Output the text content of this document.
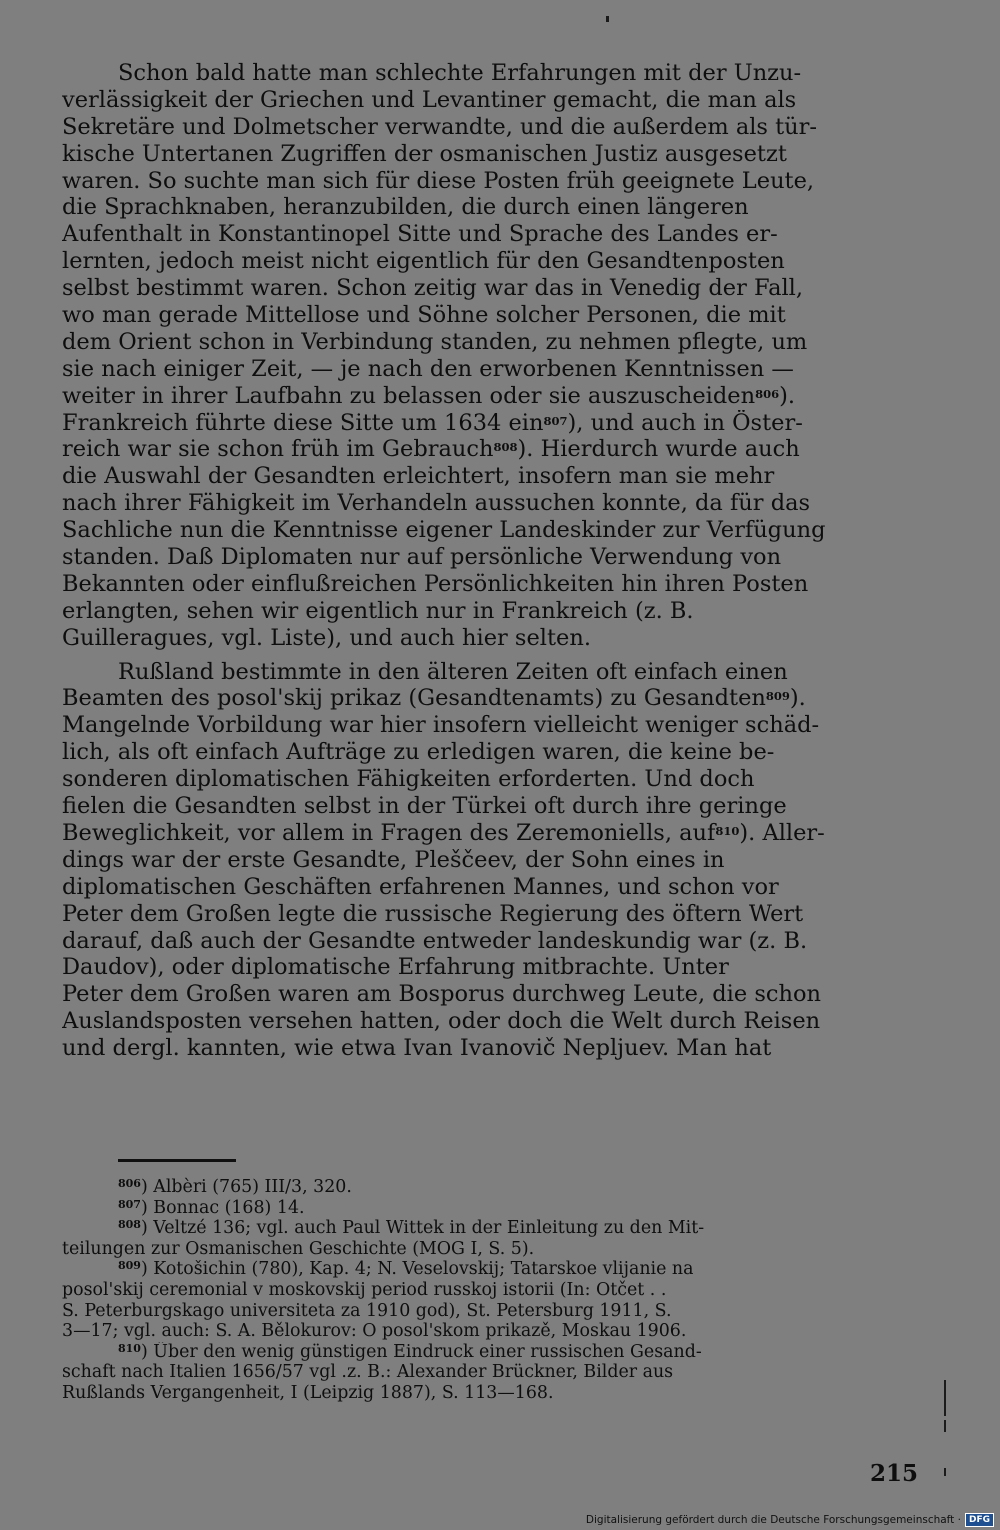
Schon bald hatte man schlechte Erfahrungen mit der Unzu-
verlässigkeit der Griechen und Levantiner gemacht, die man als
Sekretäre und Dolmetscher verwandte, und die außerdem als tür-
kische Untertanen Zugriffen der osmanischen Justiz ausgesetzt
waren. So suchte man sich für diese Posten früh geeignete Leute,
die Sprachknaben, heranzubilden, die durch einen längeren
Aufenthalt in Konstantinopel Sitte und Sprache des Landes er-
lernten, jedoch meist nicht eigentlich für den Gesandtenposten
selbst bestimmt waren. Schon zeitig war das in Venedig der Fall,
wo man gerade Mittellose und Söhne solcher Personen, die mit
dem Orient schon in Verbindung standen, zu nehmen pflegte, um
sie nach einiger Zeit, — je nach den erworbenen Kenntnissen —
weiter in ihrer Laufbahn zu belassen oder sie auszuscheiden$^{806}$).
Frankreich führte diese Sitte um 1634 ein$^{807}$), und auch in Öster-
reich war sie schon früh im Gebrauch$^{808}$). Hierdurch wurde auch
die Auswahl der Gesandten erleichtert, insofern man sie mehr
nach ihrer Fähigkeit im Verhandeln aussuchen konnte, da für das
Sachliche nun die Kenntnisse eigener Landeskinder zur Verfügung
standen. Daß Diplomaten nur auf persönliche Verwendung von
Bekannten oder einflußreichen Persönlichkeiten hin ihren Posten
erlangten, sehen wir eigentlich nur in Frankreich (z. B.
Guilleragues, vgl. Liste), und auch hier selten.
Rußland bestimmte in den älteren Zeiten oft einfach einen
Beamten des posol'skij prikaz (Gesandtenamts) zu Gesandten$^{809}$).
Mangelnde Vorbildung war hier insofern vielleicht weniger schäd-
lich, als oft einfach Aufträge zu erledigen waren, die keine be-
sonderen diplomatischen Fähigkeiten erforderten. Und doch
fielen die Gesandten selbst in der Türkei oft durch ihre geringe
Beweglichkeit, vor allem in Fragen des Zeremoniells, auf$^{810}$). Aller-
dings war der erste Gesandte, Pleščeev, der Sohn eines in
diplomatischen Geschäften erfahrenen Mannes, und schon vor
Peter dem Großen legte die russische Regierung des öftern Wert
darauf, daß auch der Gesandte entweder landeskundig war (z. B.
Daudov), oder diplomatische Erfahrung mitbrachte. Unter
Peter dem Großen waren am Bosporus durchweg Leute, die schon
Auslandsposten versehen hatten, oder doch die Welt durch Reisen
und dergl. kannten, wie etwa Ivan Ivanovič Nepljuev. Man hat
$^{806}$) Albèri (765) III/3, 320.
$^{807}$) Bonnac (168) 14.
$^{808}$) Veltzé 136; vgl. auch Paul Wittek in der Einleitung zu den Mit-
teilungen zur Osmanischen Geschichte (MOG I, S. 5).
$^{809}$) Kotošichin (780), Kap. 4; N. Veselovskij; Tatarskoe vlijanie na
posol'skij ceremonial v moskovskij period russkoj istorii (In: Otčet . .
S. Peterburgskago universiteta za 1910 god), St. Petersburg 1911, S.
3—17; vgl. auch: S. A. Bělokurov: O posol'skom prikazě, Moskau 1906.
$^{810}$) Über den wenig günstigen Eindruck einer russischen Gesand-
schaft nach Italien 1656/57 vgl .z. B.: Alexander Brückner, Bilder aus
Rußlands Vergangenheit, I (Leipzig 1887), S. 113—168.
215
Digitalisierung gefördert durch die Deutsche Forschungsgemeinschaft · DFG
